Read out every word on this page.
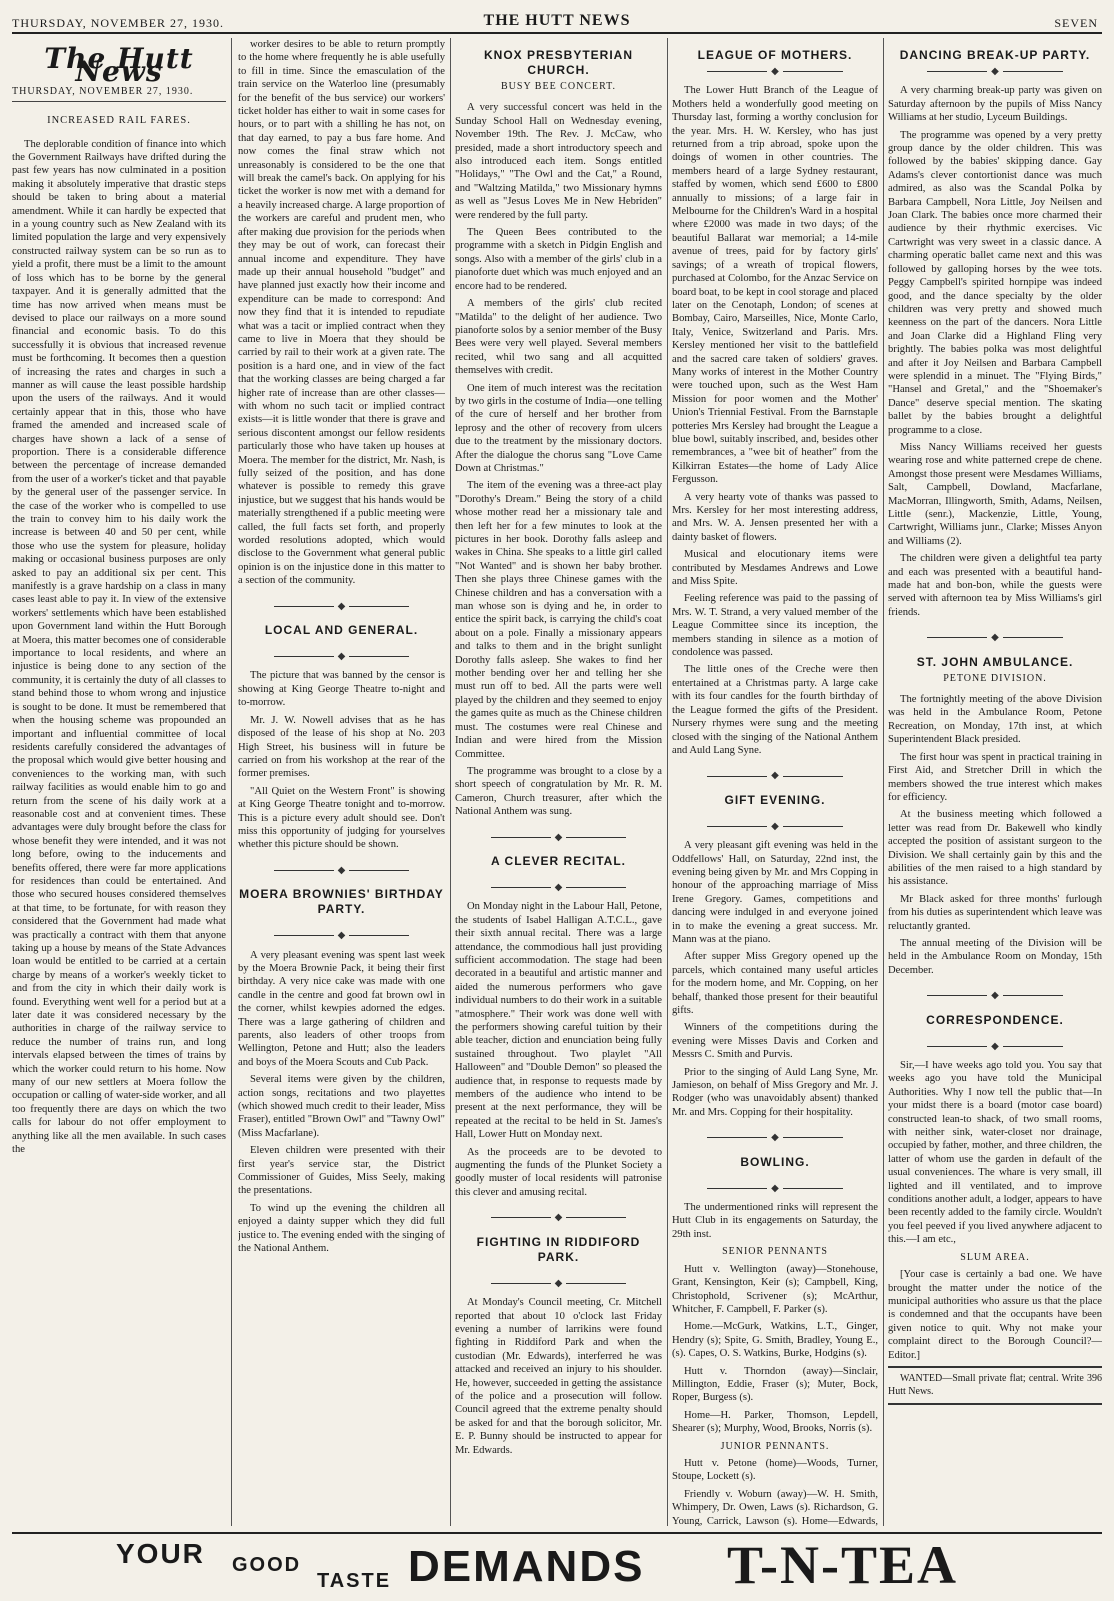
THURSDAY, NOVEMBER 27, 1930.	THE HUTT NEWS	SEVEN
The Hutt News
THURSDAY, NOVEMBER 27, 1930.
INCREASED RAIL FARES.

The deplorable condition of finance into which the Government Railways have drifted during the past few years has now culminated in a position making it absolutely imperative that drastic steps should be taken to bring about a material amendment. While it can hardly be expected that in a young country such as New Zealand with its limited population the large and very expensively constructed railway system can be so run as to yield a profit, there must be a limit to the amount of loss which has to be borne by the general taxpayer. And it is generally admitted that the time has now arrived when means must be devised to place our railways on a more sound financial and economic basis. To do this successfully it is obvious that increased revenue must be forthcoming. It becomes then a question of increasing the rates and charges in such a manner as will cause the least possible hardship upon the users of the railways. And it would certainly appear that in this, those who have framed the amended and increased scale of charges have shown a lack of a sense of proportion. There is a considerable difference between the percentage of increase demanded from the user of a worker's ticket and that payable by the general user of the passenger service. In the case of the worker who is compelled to use the train to convey him to his daily work the increase is between 40 and 50 per cent, while those who use the system for pleasure, holiday making or occasional business purposes are only asked to pay an additional six per cent. This manifestly is a grave hardship on a class in many cases least able to pay it. In view of the extensive workers' settlements which have been established upon Government land within the Hutt Borough at Moera, this matter becomes one of considerable importance to local residents, and where an injustice is being done to any section of the community, it is certainly the duty of all classes to stand behind those to whom wrong and injustice is sought to be done. It must be remembered that when the housing scheme was propounded an important and influential committee of local residents carefully considered the advantages of the proposal which would give better housing and conveniences to the working man, with such railway facilities as would enable him to go and return from the scene of his daily work at a reasonable cost and at convenient times. These advantages were duly brought before the class for whose benefit they were intended, and it was not long before, owing to the inducements and benefits offered, there were far more applications for residences than could be entertained. And those who secured houses considered themselves at that time, to be fortunate, for with reason they considered that the Government had made what was practically a contract with them that anyone taking up a house by means of the State Advances loan would be entitled to be carried at a certain charge by means of a worker's weekly ticket to and from the city in which their daily work is found. Everything went well for a period but at a later date it was considered necessary by the authorities in charge of the railway service to reduce the number of trains run, and long intervals elapsed between the times of trains by which the worker could return to his home. Now many of our new settlers at Moera follow the occupation or calling of water-side worker, and all too frequently there are days on which the two calls for labour do not offer employment to anything like all the men available. In such cases the

worker desires to be able to return promptly to the home where frequently he is able usefully to fill in time. Since the emasculation of the train service on the Waterloo line (presumably for the benefit of the bus service) our workers' ticket holder has either to wait in some cases for hours, or to part with a shilling he has not, on that day earned, to pay a bus fare home. And now comes the final straw which not unreasonably is considered to be the one that will break the camel's back. On applying for his ticket the worker is now met with a demand for a heavily increased charge. A large proportion of the workers are careful and prudent men, who after making due provision for the periods when they may be out of work, can forecast their annual income and expenditure. They have made up their annual household "budget" and have planned just exactly how their income and expenditure can be made to correspond: And now they find that it is intended to repudiate what was a tacit or implied contract when they came to live in Moera that they should be carried by rail to their work at a given rate. The position is a hard one, and in view of the fact that the working classes are being charged a far higher rate of increase than are other classes—with whom no such tacit or implied contract exists—it is little wonder that there is grave and serious discontent amongst our fellow residents particularly those who have taken up houses at Moera. The member for the district, Mr. Nash, is fully seized of the position, and has done whatever is possible to remedy this grave injustice, but we suggest that his hands would be materially strengthened if a public meeting were called, the full facts set forth, and properly worded resolutions adopted, which would disclose to the Government what general public opinion is on the injustice done in this matter to a section of the community.

◆
LOCAL AND GENERAL.
◆

The picture that was banned by the censor is showing at King George Theatre to-night and to-morrow.

Mr. J. W. Nowell advises that as he has disposed of the lease of his shop at No. 203 High Street, his business will in future be carried on from his workshop at the rear of the former premises.

"All Quiet on the Western Front" is showing at King George Theatre tonight and to-morrow. This is a picture every adult should see. Don't miss this opportunity of judging for yourselves whether this picture should be shown.

◆
MOERA BROWNIES' BIRTHDAY PARTY.
◆

A very pleasant evening was spent last week by the Moera Brownie Pack, it being their first birthday. A very nice cake was made with one candle in the centre and good fat brown owl in the corner, whilst kewpies adorned the edges. There was a large gathering of children and parents, also leaders of other troops from Wellington, Petone and Hutt; also the leaders and boys of the Moera Scouts and Cub Pack.

Several items were given by the children, action songs, recitations and two playettes (which showed much credit to their leader, Miss Fraser), entitled "Brown Owl" and "Tawny Owl" (Miss Macfarlane).

Eleven children were presented with their first year's service star, the District Commissioner of Guides, Miss Seely, making the presentations.

To wind up the evening the children all enjoyed a dainty supper which they did full justice to. The evening ended with the singing of the National Anthem.

KNOX PRESBYTERIAN CHURCH.
BUSY BEE CONCERT.

A very successful concert was held in the Sunday School Hall on Wednesday evening, November 19th. The Rev. J. McCaw, who presided, made a short introductory speech and also introduced each item. Songs entitled "Holidays," "The Owl and the Cat," a Round, and "Waltzing Matilda," two Missionary hymns as well as "Jesus Loves Me in New Hebriden" were rendered by the full party.

The Queen Bees contributed to the programme with a sketch in Pidgin English and songs. Also with a member of the girls' club in a pianoforte duet which was much enjoyed and an encore had to be rendered.

A members of the girls' club recited "Matilda" to the delight of her audience. Two pianoforte solos by a senior member of the Busy Bees were very well played. Several members recited, whil two sang and all acquitted themselves with credit.

One item of much interest was the recitation by two girls in the costume of India—one telling of the cure of herself and her brother from leprosy and the other of recovery from ulcers due to the treatment by the missionary doctors. After the dialogue the chorus sang "Love Came Down at Christmas."

The item of the evening was a three-act play "Dorothy's Dream." Being the story of a child whose mother read her a missionary tale and then left her for a few minutes to look at the pictures in her book. Dorothy falls asleep and wakes in China. She speaks to a little girl called "Not Wanted" and is shown her baby brother. Then she plays three Chinese games with the Chinese children and has a conversation with a man whose son is dying and he, in order to entice the spirit back, is carrying the child's coat about on a pole. Finally a missionary appears and talks to them and in the bright sunlight Dorothy falls asleep. She wakes to find her mother bending over her and telling her she must run off to bed. All the parts were well played by the children and they seemed to enjoy the games quite as much as the Chinese children must. The costumes were real Chinese and Indian and were hired from the Mission Committee.

The programme was brought to a close by a short speech of congratulation by Mr. R. M. Cameron, Church treasurer, after which the National Anthem was sung.

◆
A CLEVER RECITAL.
◆

On Monday night in the Labour Hall, Petone, the students of Isabel Halligan A.T.C.L., gave their sixth annual recital. There was a large attendance, the commodious hall just providing sufficient accommodation. The stage had been decorated in a beautiful and artistic manner and aided the numerous performers who gave individual numbers to do their work in a suitable "atmosphere." Their work was done well with the performers showing careful tuition by their able teacher, diction and enunciation being fully sustained throughout. Two playlet "All Halloween" and "Double Demon" so pleased the audience that, in response to requests made by members of the audience who intend to be present at the next performance, they will be repeated at the recital to be held in St. James's Hall, Lower Hutt on Monday next.

As the proceeds are to be devoted to augmenting the funds of the Plunket Society a goodly muster of local residents will patronise this clever and amusing recital.

◆
FIGHTING IN RIDDIFORD PARK.
◆

At Monday's Council meeting, Cr. Mitchell reported that about 10 o'clock last Friday evening a number of larrikins were found fighting in Riddiford Park and when the custodian (Mr. Edwards), interferred he was attacked and received an injury to his shoulder. He, however, succeeded in getting the assistance of the police and a prosecution will follow. Council agreed that the extreme penalty should be asked for and that the borough solicitor, Mr. E. P. Bunny should be instructed to appear for Mr. Edwards.

LEAGUE OF MOTHERS.
◆

The Lower Hutt Branch of the League of Mothers held a wonderfully good meeting on Thursday last, forming a worthy conclusion for the year. Mrs. H. W. Kersley, who has just returned from a trip abroad, spoke upon the doings of women in other countries. The members heard of a large Sydney restaurant, staffed by women, which send £600 to £800 annually to missions; of a large fair in Melbourne for the Children's Ward in a hospital where £2000 was made in two days; of the beautiful Ballarat war memorial; a 14-mile avenue of trees, paid for by factory girls' savings; of a wreath of tropical flowers, purchased at Colombo, for the Anzac Service on board boat, to be kept in cool storage and placed later on the Cenotaph, London; of scenes at Bombay, Cairo, Marseilles, Nice, Monte Carlo, Italy, Venice, Switzerland and Paris. Mrs. Kersley mentioned her visit to the battlefield and the sacred care taken of soldiers' graves. Many works of interest in the Mother Country were touched upon, such as the West Ham Mission for poor women and the Mother' Union's Triennial Festival. From the Barnstaple potteries Mrs Kersley had brought the League a blue bowl, suitably inscribed, and, besides other remembrances, a "wee bit of heather" from the Kilkirran Estates—the home of Lady Alice Fergusson.

A very hearty vote of thanks was passed to Mrs. Kersley for her most interesting address, and Mrs. W. A. Jensen presented her with a dainty basket of flowers.

Musical and elocutionary items were contributed by Mesdames Andrews and Lowe and Miss Spite.

Feeling reference was paid to the passing of Mrs. W. T. Strand, a very valued member of the League Committee since its inception, the members standing in silence as a motion of condolence was passed.

The little ones of the Creche were then entertained at a Christmas party. A large cake with its four candles for the fourth birthday of the League formed the gifts of the President. Nursery rhymes were sung and the meeting closed with the singing of the National Anthem and Auld Lang Syne.

◆
GIFT EVENING.
◆

A very pleasant gift evening was held in the Oddfellows' Hall, on Saturday, 22nd inst, the evening being given by Mr. and Mrs Copping in honour of the approaching marriage of Miss Irene Gregory. Games, competitions and dancing were indulged in and everyone joined in to make the evening a great success. Mr. Mann was at the piano.

After supper Miss Gregory opened up the parcels, which contained many useful articles for the modern home, and Mr. Copping, on her behalf, thanked those present for their beautiful gifts.

Winners of the competitions during the evening were Misses Davis and Corken and Messrs C. Smith and Purvis.

Prior to the singing of Auld Lang Syne, Mr. Jamieson, on behalf of Miss Gregory and Mr. J. Rodger (who was unavoidably absent) thanked Mr. and Mrs. Copping for their hospitality.

◆
BOWLING.
◆

The undermentioned rinks will represent the Hutt Club in its engagements on Saturday, the 29th inst.

SENIOR PENNANTS

Hutt v. Wellington (away)—Stonehouse, Grant, Kensington, Keir (s); Campbell, King, Christophold, Scrivener (s); McArthur, Whitcher, F. Campbell, F. Parker (s).

Home.—McGurk, Watkins, L.T., Ginger, Hendry (s); Spite, G. Smith, Bradley, Young E., (s). Capes, O. S. Watkins, Burke, Hodgins (s).

Hutt v. Thorndon (away)—Sinclair, Millington, Eddie, Fraser (s); Muter, Bock, Roper, Burgess (s).

Home—H. Parker, Thomson, Lepdell, Shearer (s); Murphy, Wood, Brooks, Norris (s).

JUNIOR PENNANTS.

Hutt v. Petone (home)—Woods, Turner, Stoupe, Lockett (s).

Friendly v. Woburn (away)—W. H. Smith, Whimpery, Dr. Owen, Laws (s). Richardson, G. Young, Carrick, Lawson (s). Home—Edwards,

DANCING BREAK-UP PARTY.
◆

A very charming break-up party was given on Saturday afternoon by the pupils of Miss Nancy Williams at her studio, Lyceum Buildings.

The programme was opened by a very pretty group dance by the older children. This was followed by the babies' skipping dance. Gay Adams's clever contortionist dance was much admired, as also was the Scandal Polka by Barbara Campbell, Nora Little, Joy Neilsen and Joan Clark. The babies once more charmed their audience by their rhythmic exercises. Vic Cartwright was very sweet in a classic dance. A charming operatic ballet came next and this was followed by galloping horses by the wee tots. Peggy Campbell's spirited hornpipe was indeed good, and the dance specialty by the older children was very pretty and showed much keenness on the part of the dancers. Nora Little and Joan Clarke did a Highland Fling very brightly. The babies polka was most delightful and after it Joy Neilsen and Barbara Campbell were splendid in a minuet. The "Flying Birds," "Hansel and Gretal," and the "Shoemaker's Dance" deserve special mention. The skating ballet by the babies brought a delightful programme to a close.

Miss Nancy Williams received her guests wearing rose and white patterned crepe de chene. Amongst those present were Mesdames Williams, Salt, Campbell, Dowland, Macfarlane, MacMorran, Illingworth, Smith, Adams, Neilsen, Little (senr.), Mackenzie, Little, Young, Cartwright, Williams junr., Clarke; Misses Anyon and Williams (2).

The children were given a delightful tea party and each was presented with a beautiful hand-made hat and bon-bon, while the guests were served with afternoon tea by Miss Williams's girl friends.

◆
ST. JOHN AMBULANCE.
PETONE DIVISION.

The fortnightly meeting of the above Division was held in the Ambulance Room, Petone Recreation, on Monday, 17th inst, at which Superintendent Black presided.

The first hour was spent in practical training in First Aid, and Stretcher Drill in which the members showed the true interest which makes for efficiency.

At the business meeting which followed a letter was read from Dr. Bakewell who kindly accepted the position of assistant surgeon to the Division. We shall certainly gain by this and the abilities of the men raised to a high standard by his assistance.

Mr Black asked for three months' furlough from his duties as superintendent which leave was reluctantly granted.

The annual meeting of the Division will be held in the Ambulance Room on Monday, 15th December.

◆
CORRESPONDENCE.
◆

Sir,—I have weeks ago told you. You say that weeks ago you have told the Municipal Authorities. Why I now tell the public that—In your midst there is a board (motor case board) constructed lean-to shack, of two small rooms, with neither sink, water-closet nor drainage, occupied by father, mother, and three children, the latter of whom use the garden in default of the usual conveniences. The whare is very small, ill lighted and ill ventilated, and to improve conditions another adult, a lodger, appears to have been recently added to the family circle. Wouldn't you feel peeved if you lived anywhere adjacent to this.—I am etc.,

SLUM AREA.

[Your case is certainly a bad one. We have brought the matter under the notice of the municipal authorities who assure us that the place is condemned and that the occupants have been given notice to quit. Why not make your complaint direct to the Borough Council?—Editor.]

WANTED—Small private flat; central. Write 396 Hutt News.

YOUR GOOD
TASTE DEMANDS T-N-TEA
